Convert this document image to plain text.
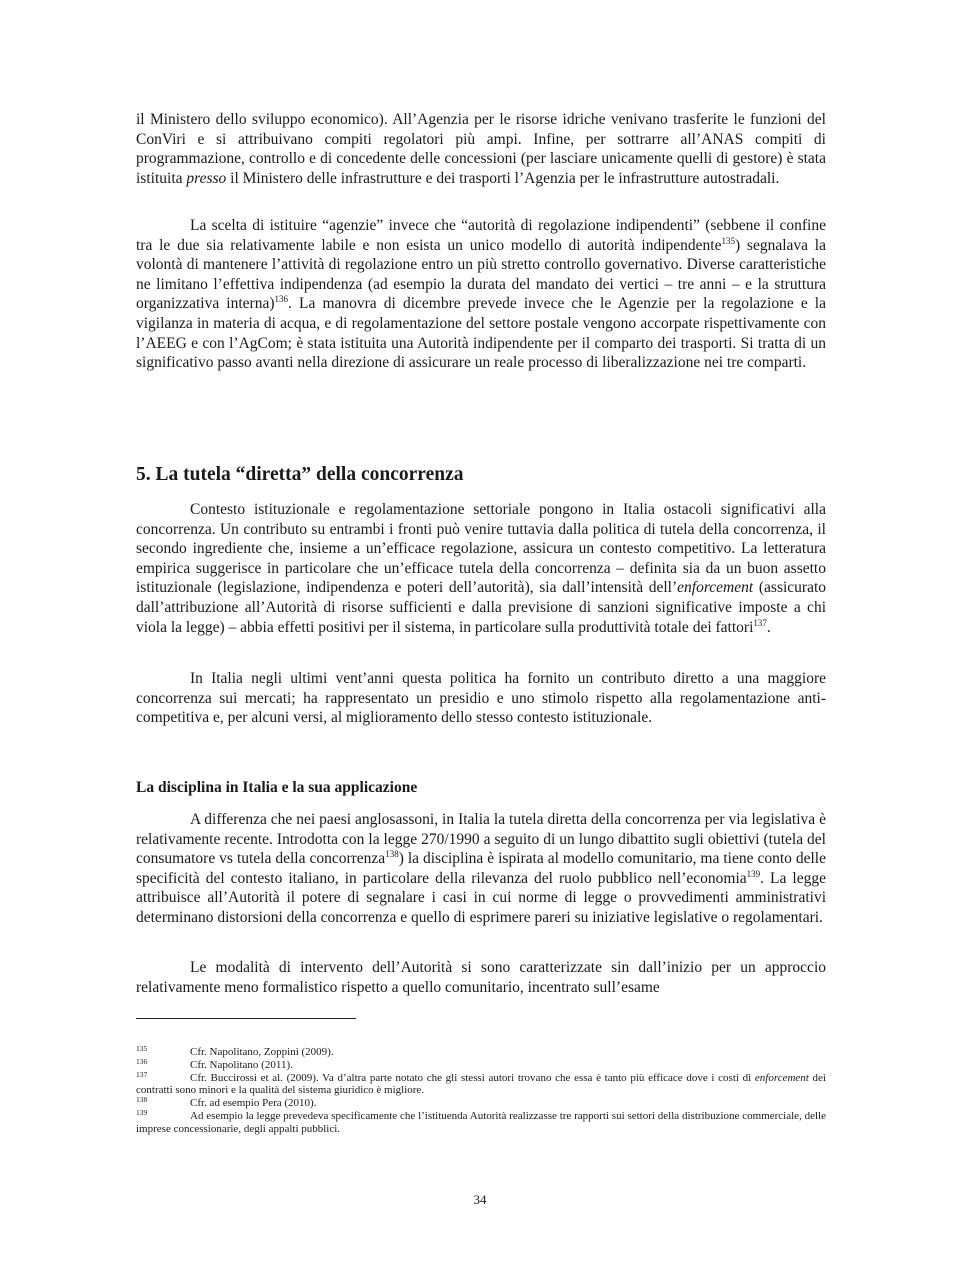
il Ministero dello sviluppo economico). All’Agenzia per le risorse idriche venivano trasferite le funzioni del ConViri e si attribuivano compiti regolatori più ampi. Infine, per sottrarre all’ANAS compiti di programmazione, controllo e di concedente delle concessioni (per lasciare unicamente quelli di gestore) è stata istituita presso il Ministero delle infrastrutture e dei trasporti l’Agenzia per le infrastrutture autostradali.

La scelta di istituire “agenzie” invece che “autorità di regolazione indipendenti” (sebbene il confine tra le due sia relativamente labile e non esista un unico modello di autorità indipendente$^{135}$) segnalava la volontà di mantenere l’attività di regolazione entro un più stretto controllo governativo. Diverse caratteristiche ne limitano l’effettiva indipendenza (ad esempio la durata del mandato dei vertici – tre anni – e la struttura organizzativa interna)$^{136}$. La manovra di dicembre prevede invece che le Agenzie per la regolazione e la vigilanza in materia di acqua, e di regolamentazione del settore postale vengono accorpate rispettivamente con l’AEEG e con l’AgCom; è stata istituita una Autorità indipendente per il comparto dei trasporti. Si tratta di un significativo passo avanti nella direzione di assicurare un reale processo di liberalizzazione nei tre comparti.

5. La tutela “diretta” della concorrenza

Contesto istituzionale e regolamentazione settoriale pongono in Italia ostacoli significativi alla concorrenza. Un contributo su entrambi i fronti può venire tuttavia dalla politica di tutela della concorrenza, il secondo ingrediente che, insieme a un’efficace regolazione, assicura un contesto competitivo. La letteratura empirica suggerisce in particolare che un’efficace tutela della concorrenza – definita sia da un buon assetto istituzionale (legislazione, indipendenza e poteri dell’autorità), sia dall’intensità dell’enforcement (assicurato dall’attribuzione all’Autorità di risorse sufficienti e dalla previsione di sanzioni significative imposte a chi viola la legge) – abbia effetti positivi per il sistema, in particolare sulla produttività totale dei fattori$^{137}$.

In Italia negli ultimi vent’anni questa politica ha fornito un contributo diretto a una maggiore concorrenza sui mercati; ha rappresentato un presidio e uno stimolo rispetto alla regolamentazione anti-competitiva e, per alcuni versi, al miglioramento dello stesso contesto istituzionale.

La disciplina in Italia e la sua applicazione

A differenza che nei paesi anglosassoni, in Italia la tutela diretta della concorrenza per via legislativa è relativamente recente. Introdotta con la legge 270/1990 a seguito di un lungo dibattito sugli obiettivi (tutela del consumatore vs tutela della concorrenza$^{138}$) la disciplina è ispirata al modello comunitario, ma tiene conto delle specificità del contesto italiano, in particolare della rilevanza del ruolo pubblico nell’economia$^{139}$. La legge attribuisce all’Autorità il potere di segnalare i casi in cui norme di legge o provvedimenti amministrativi determinano distorsioni della concorrenza e quello di esprimere pareri su iniziative legislative o regolamentari.

Le modalità di intervento dell’Autorità si sono caratterizzate sin dall’inizio per un approccio relativamente meno formalistico rispetto a quello comunitario, incentrato sull’esame

135	Cfr. Napolitano, Zoppini (2009).

136	Cfr. Napolitano (2011).

137	Cfr. Buccirossi et al. (2009). Va d’altra parte notato che gli stessi autori trovano che essa è tanto più efficace dove i costi di enforcement dei contratti sono minori e la qualità del sistema giuridico è migliore.

138	Cfr. ad esempio Pera (2010).

139	Ad esempio la legge prevedeva specificamente che l’istituenda Autorità realizzasse tre rapporti sui settori della distribuzione commerciale, delle imprese concessionarie, degli appalti pubblici.

34
